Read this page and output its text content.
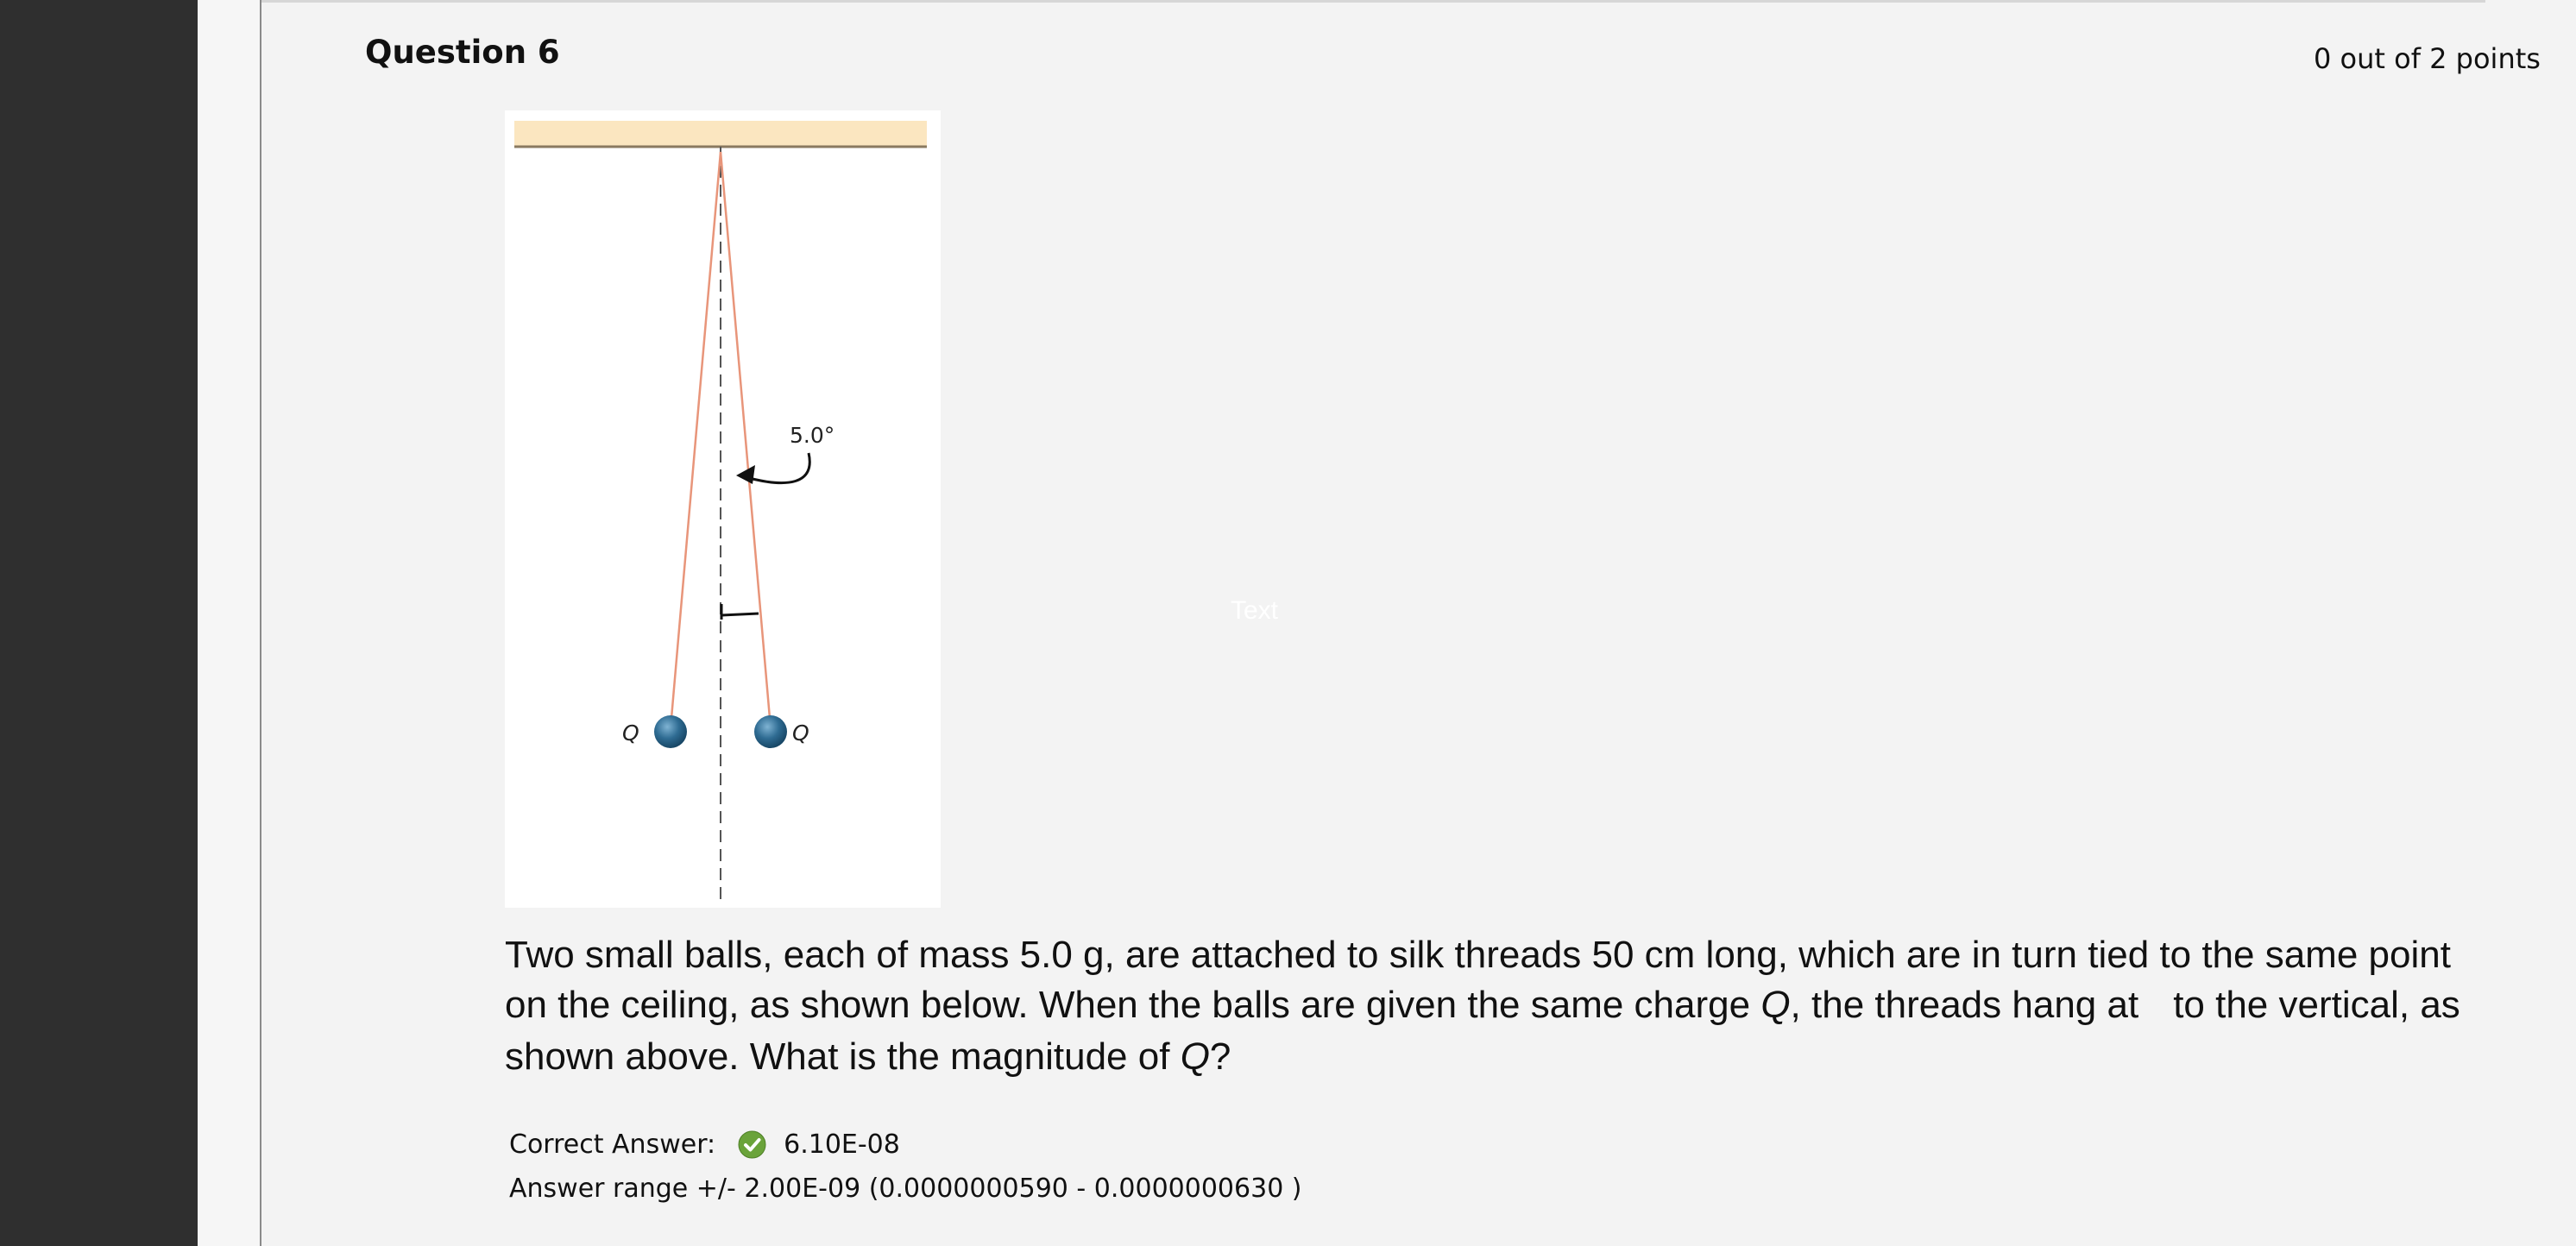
Question 6	0 out of 2 points
5.0°
Q	Q
Text
Two small balls, each of mass 5.0 g, are attached to silk threads 50 cm long, which are in turn tied to the same point
on the ceiling, as shown below. When the balls are given the same charge Q, the threads hang at to the vertical, as
shown above. What is the magnitude of Q?
Correct Answer:	6.10E-08
Answer range +/- 2.00E-09 (0.0000000590 - 0.0000000630 )
